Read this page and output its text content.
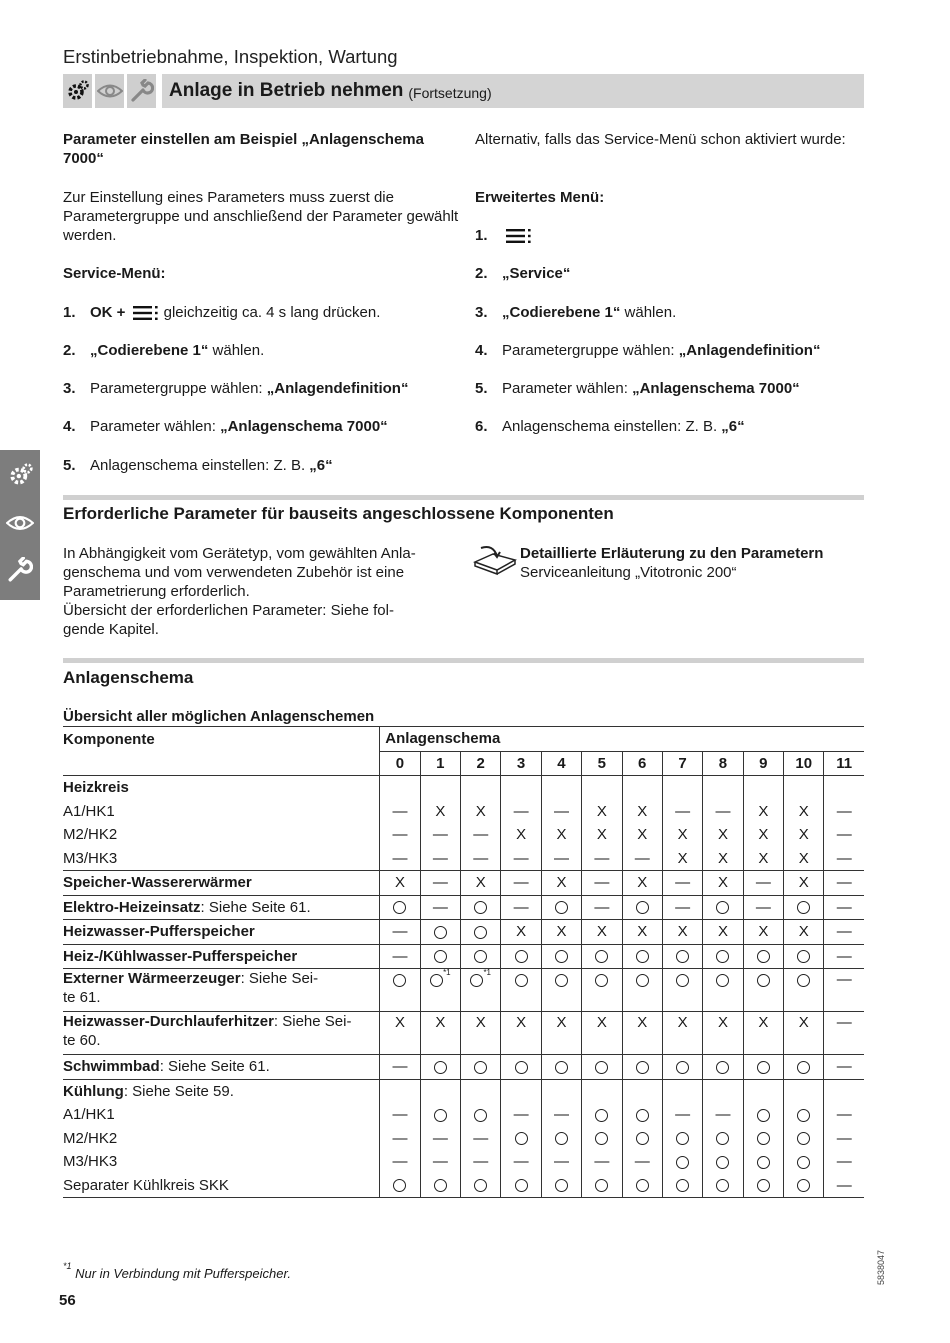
Erstinbetriebnahme, Inspektion, Wartung
Anlage in Betrieb nehmen (Fortsetzung)
Parameter einstellen am Beispiel „Anlagenschema 7000“
Zur Einstellung eines Parameters muss zuerst die Parametergruppe und anschließend der Parameter gewählt werden.
Service-Menü:
1. OK +	gleichzeitig ca. 4 s lang drücken.
2. „Codierebene 1“ wählen.
3. Parametergruppe wählen: „Anlagendefinition“
4. Parameter wählen: „Anlagenschema 7000“
5. Anlagenschema einstellen: Z. B. „6“
Alternativ, falls das Service-Menü schon aktiviert wurde:
Erweitertes Menü:
1.
2. „Service“
3. „Codierebene 1“ wählen.
4. Parametergruppe wählen: „Anlagendefinition“
5. Parameter wählen: „Anlagenschema 7000“
6. Anlagenschema einstellen: Z. B. „6“
Erforderliche Parameter für bauseits angeschlossene Komponenten
In Abhängigkeit vom Gerätetyp, vom gewählten Anla-
genschema und vom verwendeten Zubehör ist eine
Parametrierung erforderlich.
Übersicht der erforderlichen Parameter: Siehe fol-
gende Kapitel.
Detaillierte Erläuterung zu den Parametern
Serviceanleitung „Vitotronic 200“
Anlagenschema
Übersicht aller möglichen Anlagenschemen
Komponente	Anlagenschema											
	0	1	2	3	4	5	6	7	8	9	10	11
Heizkreis												
A1/HK1	—	X	X	—	—	X	X	—	—	X	X	—
M2/HK2	—	—	—	X	X	X	X	X	X	X	X	—
M3/HK3	—	—	—	—	—	—	—	X	X	X	X	—
Speicher-Wassererwärmer	X	—	X	—	X	—	X	—	X	—	X	—
Elektro-Heizeinsatz: Siehe Seite 61.		—		—		—		—		—		—
Heizwasser-Pufferspeicher	—			X	X	X	X	X	X	X	X	—
Heiz-/Kühlwasser-Pufferspeicher	—											—
Externer Wärmeerzeuger: Siehe Sei-
te 61.		$^{*1}$	$^{*1}$									—
Heizwasser-Durchlauferhitzer: Siehe Sei-
te 60.	X	X	X	X	X	X	X	X	X	X	X	—
Schwimmbad: Siehe Seite 61.	—											—
Kühlung: Siehe Seite 59.												
A1/HK1	—			—	—			—	—			—
M2/HK2	—	—	—									—
M3/HK3	—	—	—	—	—	—	—					—
Separater Kühlkreis SKK												—
$^{*1}$ Nur in Verbindung mit Pufferspeicher.
56
5838047
